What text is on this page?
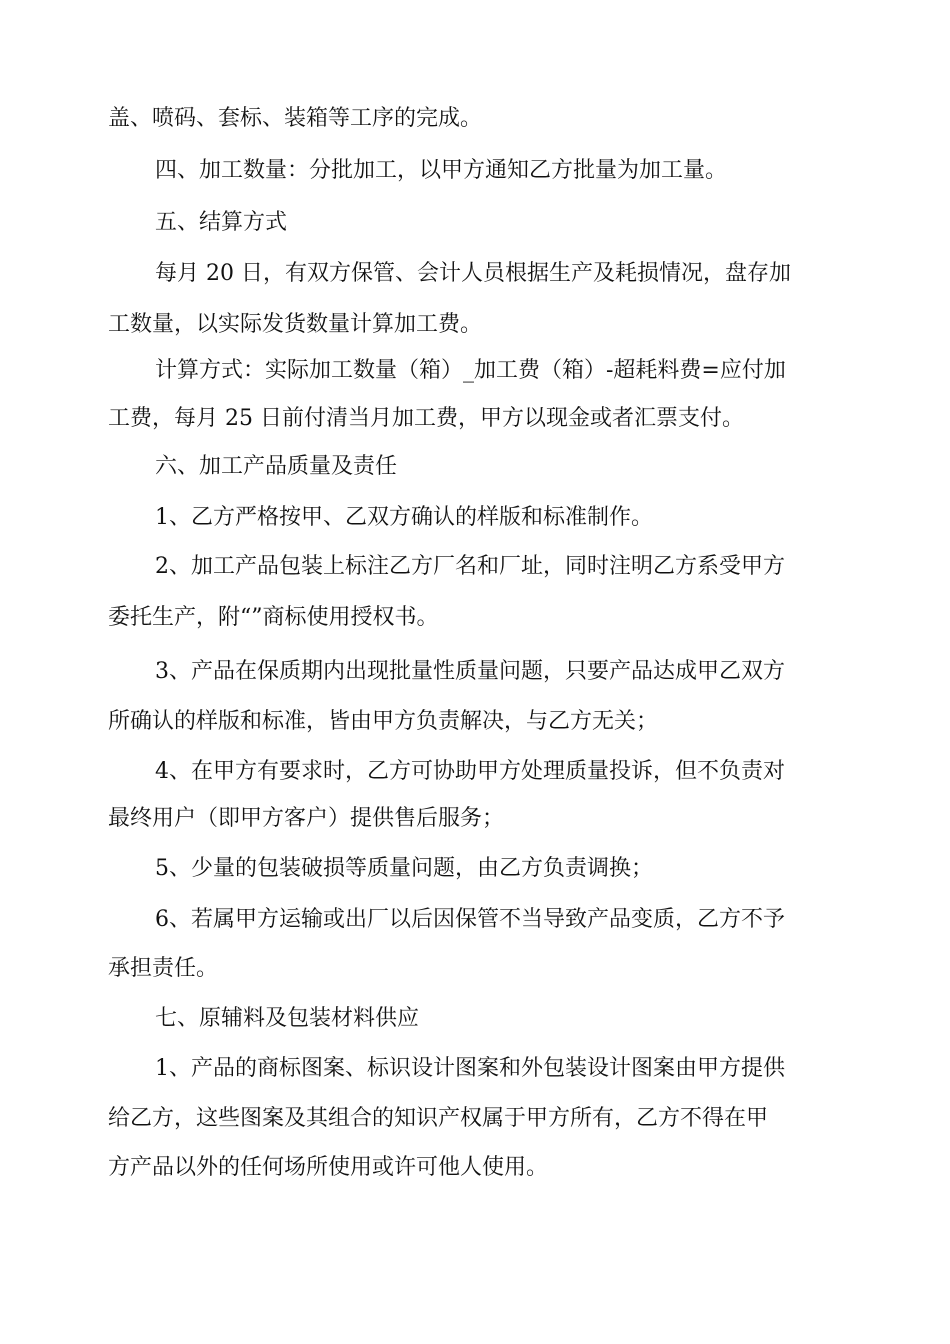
盖、喷码、套标、装箱等工序的完成。
四、加工数量：分批加工，以甲方通知乙方批量为加工量。
五、结算方式
每月 20 日，有双方保管、会计人员根据生产及耗损情况，盘存加
工数量，以实际发货数量计算加工费。
计算方式：实际加工数量（箱）_加工费（箱）-超耗料费=应付加
工费，每月 25 日前付清当月加工费，甲方以现金或者汇票支付。
六、加工产品质量及责任
1、乙方严格按甲、乙双方确认的样版和标准制作。
2、加工产品包装上标注乙方厂名和厂址，同时注明乙方系受甲方
委托生产，附“”商标使用授权书。
3、产品在保质期内出现批量性质量问题，只要产品达成甲乙双方
所确认的样版和标准，皆由甲方负责解决，与乙方无关；
4、在甲方有要求时，乙方可协助甲方处理质量投诉，但不负责对
最终用户（即甲方客户）提供售后服务；
5、少量的包装破损等质量问题，由乙方负责调换；
6、若属甲方运输或出厂以后因保管不当导致产品变质，乙方不予
承担责任。
七、原辅料及包装材料供应
1、产品的商标图案、标识设计图案和外包装设计图案由甲方提供
给乙方，这些图案及其组合的知识产权属于甲方所有，乙方不得在甲
方产品以外的任何场所使用或许可他人使用。
